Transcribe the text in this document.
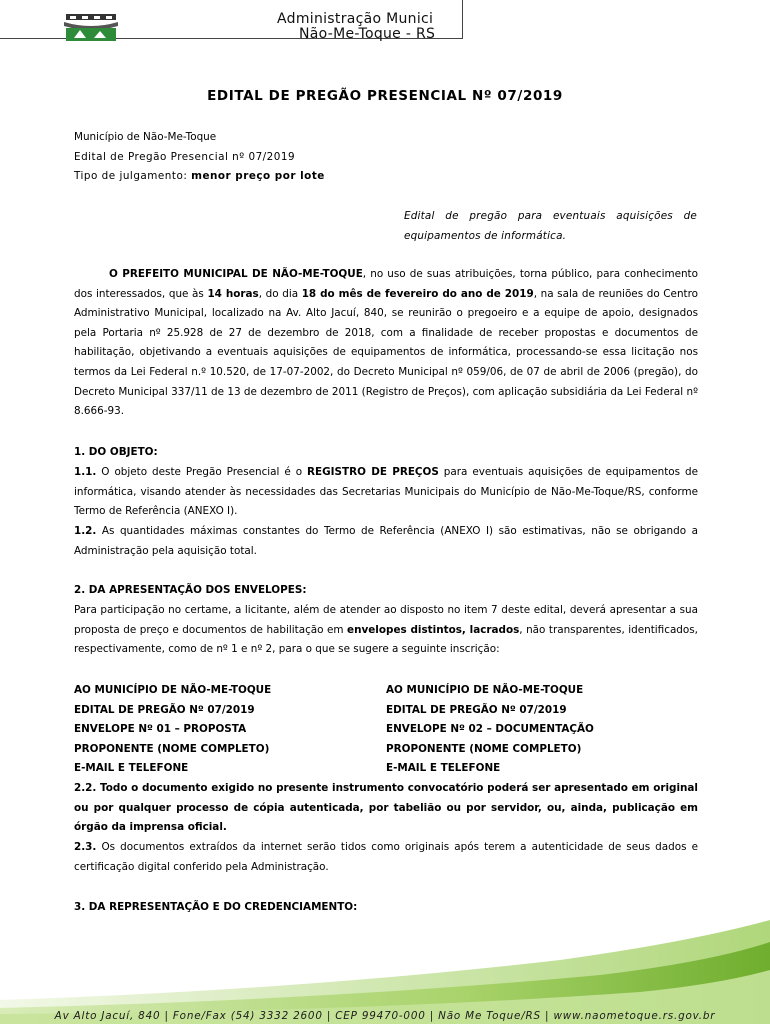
Administração Munici
Não-Me-Toque - RS
EDITAL DE PREGÃO PRESENCIAL Nº 07/2019
Município de Não-Me-Toque
Edital de Pregão Presencial nº 07/2019
Tipo de julgamento: menor preço por lote
Edital de pregão para eventuais aquisições de equipamentos de informática.
O PREFEITO MUNICIPAL DE NÃO-ME-TOQUE, no uso de suas atribuições, torna público, para conhecimento dos interessados, que às 14 horas, do dia 18 do mês de fevereiro do ano de 2019, na sala de reuniões do Centro Administrativo Municipal, localizado na Av. Alto Jacuí, 840, se reunirão o pregoeiro e a equipe de apoio, designados pela Portaria nº 25.928 de 27 de dezembro de 2018, com a finalidade de receber propostas e documentos de habilitação, objetivando a eventuais aquisições de equipamentos de informática, processando-se essa licitação nos termos da Lei Federal n.º 10.520, de 17-07-2002, do Decreto Municipal nº 059/06, de 07 de abril de 2006 (pregão), do Decreto Municipal 337/11 de 13 de dezembro de 2011 (Registro de Preços), com aplicação subsidiária da Lei Federal nº 8.666-93.
1. DO OBJETO:
1.1. O objeto deste Pregão Presencial é o REGISTRO DE PREÇOS para eventuais aquisições de equipamentos de informática, visando atender às necessidades das Secretarias Municipais do Município de Não-Me-Toque/RS, conforme Termo de Referência (ANEXO I).
1.2. As quantidades máximas constantes do Termo de Referência (ANEXO I) são estimativas, não se obrigando a Administração pela aquisição total.
2. DA APRESENTAÇÃO DOS ENVELOPES:
Para participação no certame, a licitante, além de atender ao disposto no item 7 deste edital, deverá apresentar a sua proposta de preço e documentos de habilitação em envelopes distintos, lacrados, não transparentes, identificados, respectivamente, como de nº 1 e nº 2, para o que se sugere a seguinte inscrição:
AO MUNICÍPIO DE NÃO-ME-TOQUE
EDITAL DE PREGÃO Nº 07/2019
ENVELOPE Nº 01 – PROPOSTA
PROPONENTE (NOME COMPLETO)
E-MAIL E TELEFONE
AO MUNICÍPIO DE NÃO-ME-TOQUE
EDITAL DE PREGÃO Nº 07/2019
ENVELOPE Nº 02 – DOCUMENTAÇÃO
PROPONENTE (NOME COMPLETO)
E-MAIL E TELEFONE
2.2. Todo o documento exigido no presente instrumento convocatório poderá ser apresentado em original ou por qualquer processo de cópia autenticada, por tabelião ou por servidor, ou, ainda, publicação em órgão da imprensa oficial.
2.3. Os documentos extraídos da internet serão tidos como originais após terem a autenticidade de seus dados e certificação digital conferido pela Administração.
3. DA REPRESENTAÇÃO E DO CREDENCIAMENTO:
Av Alto Jacuí, 840 | Fone/Fax (54) 3332 2600 | CEP 99470-000 | Não Me Toque/RS | www.naometoque.rs.gov.br
